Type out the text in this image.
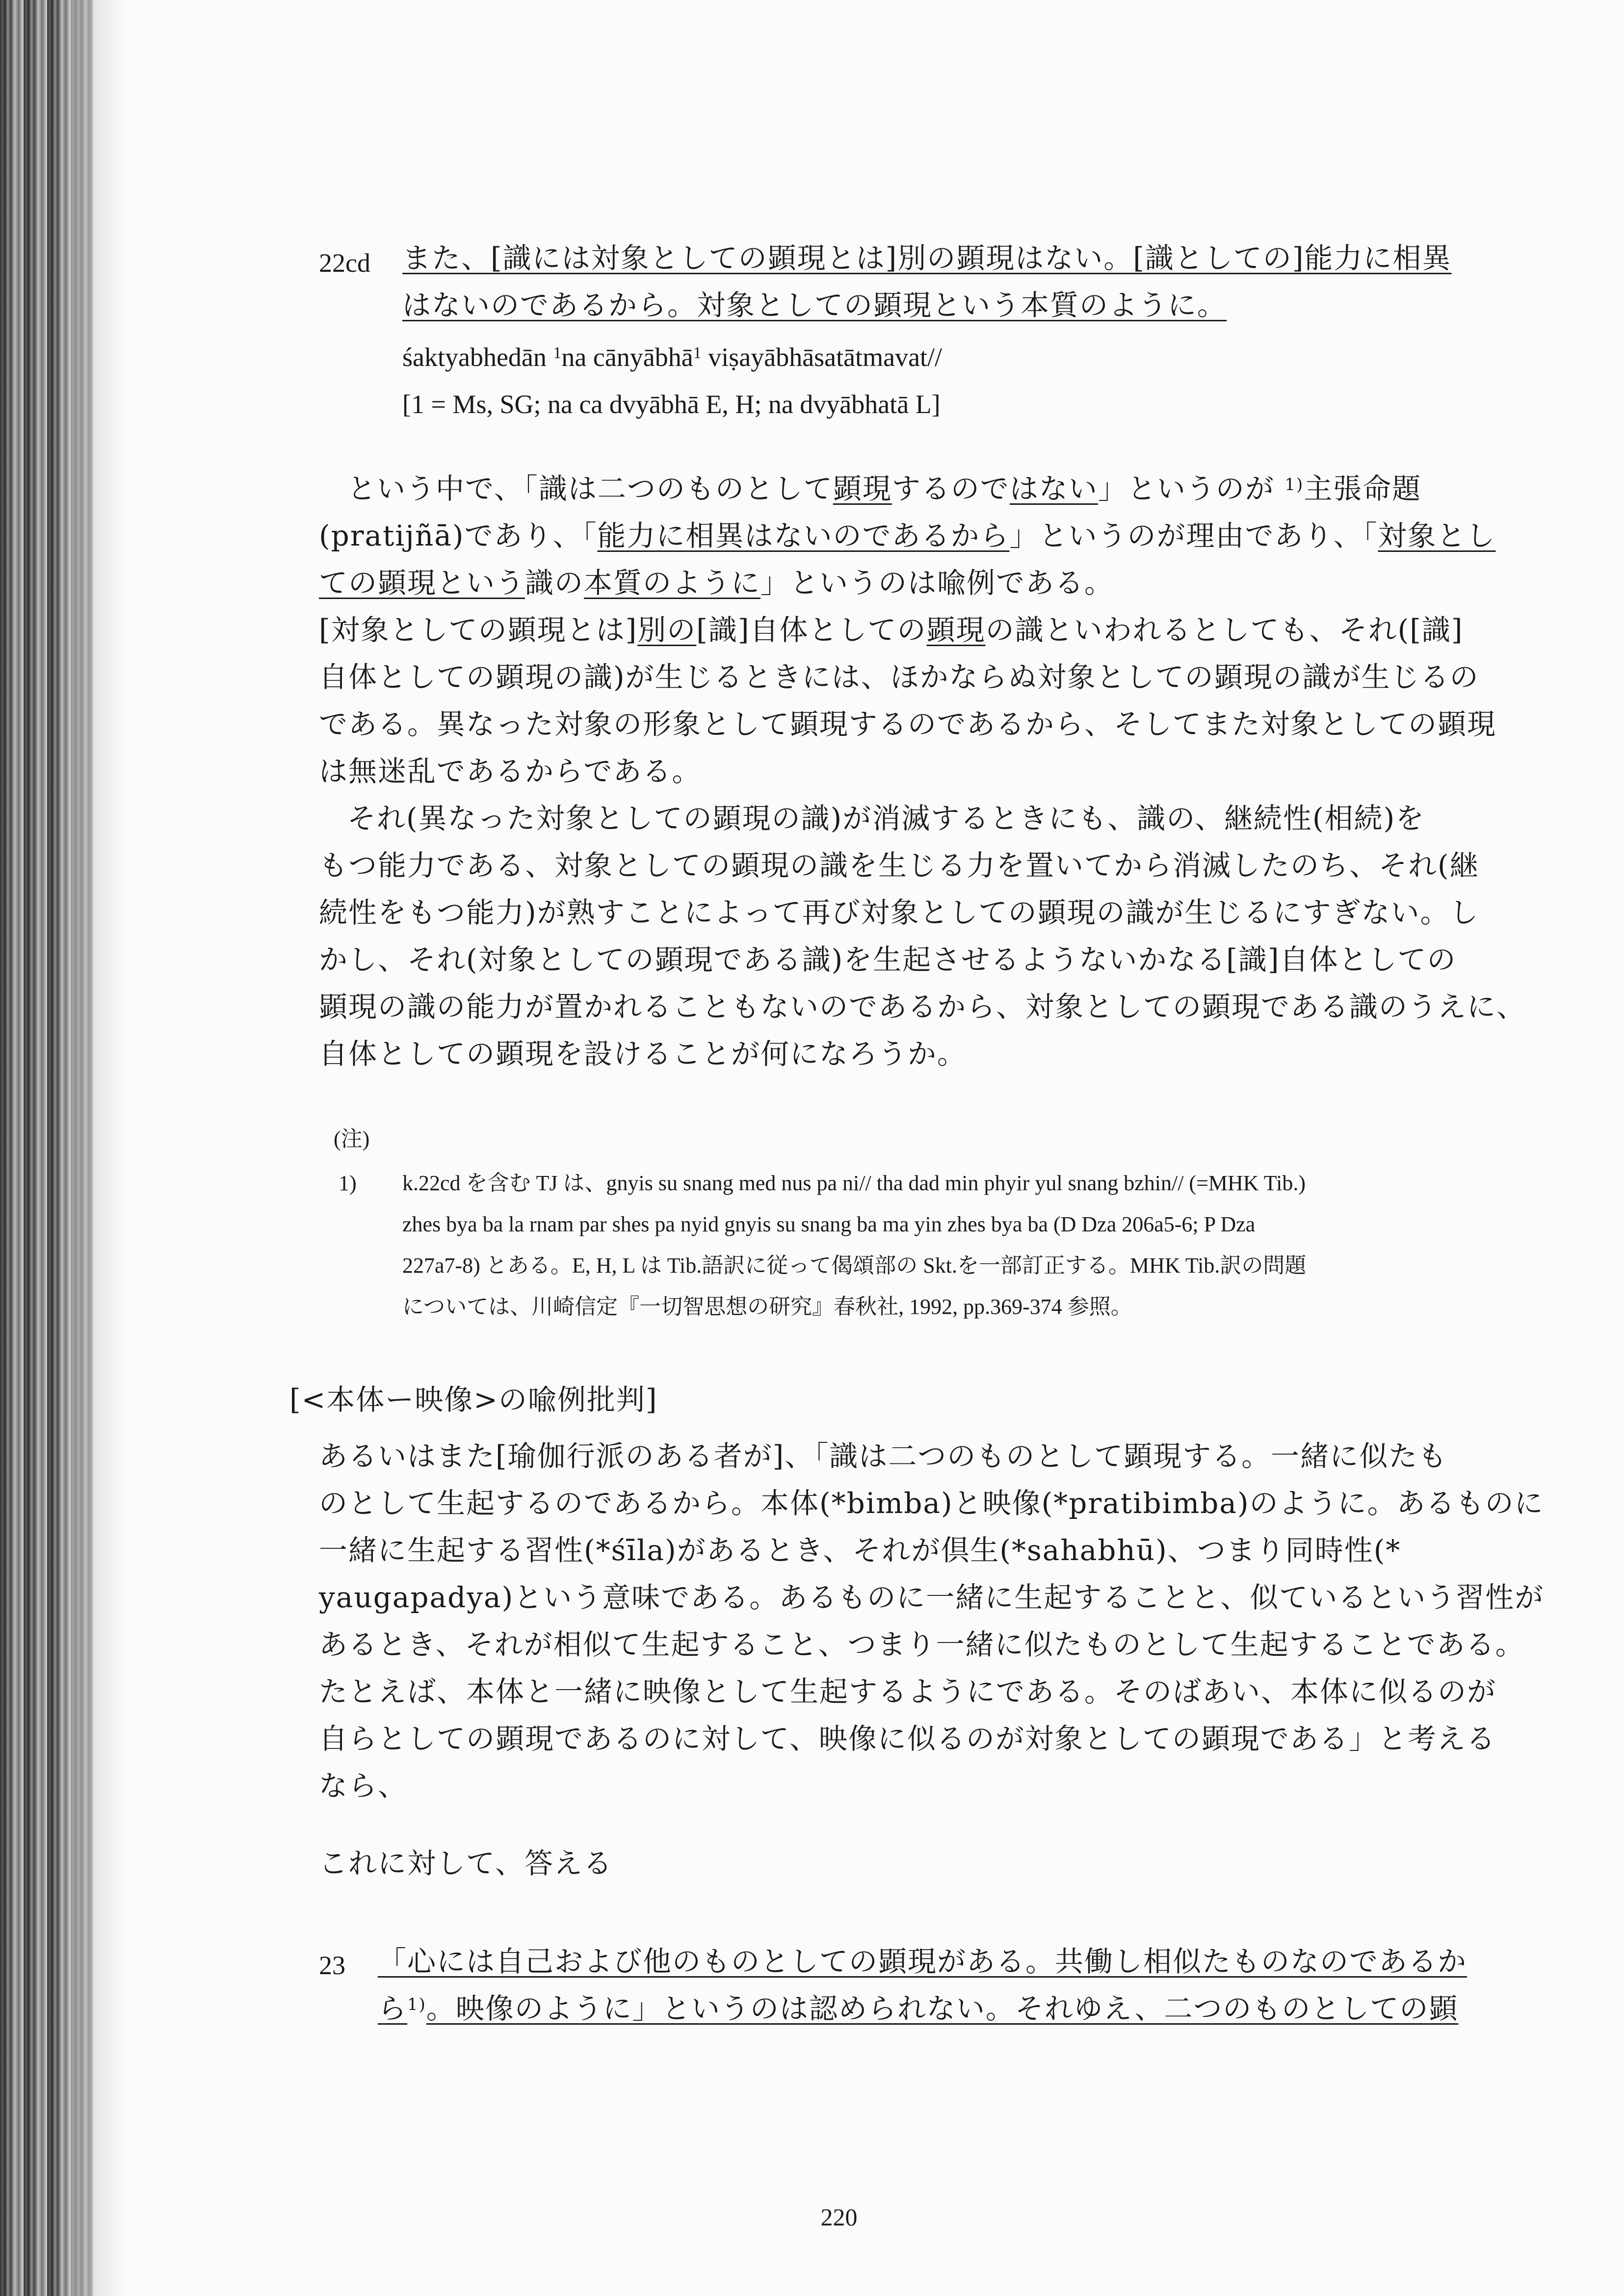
22cd また、[識には対象としての顕現とは]別の顕現はない。[識としての]能力に相異
はないのであるから。対象としての顕現という本質のように。
śaktyabhedān $^1$na cānyābhā$^1$ viṣayābhāsatātmavat//
[1 = Ms, SG; na ca dvyābhā E, H; na dvyābhatā L]
という中で、「識は二つのものとして顕現するのではない」というのが $^{1)}$主張命題
(pratijñā)であり、「能力に相異はないのであるから」というのが理由であり、「対象とし
ての顕現という識の本質のように」というのは喩例である。
[対象としての顕現とは]別の[識]自体としての顕現の識といわれるとしても、それ([識]
自体としての顕現の識)が生じるときには、ほかならぬ対象としての顕現の識が生じるの
である。異なった対象の形象として顕現するのであるから、そしてまた対象としての顕現
は無迷乱であるからである。
それ(異なった対象としての顕現の識)が消滅するときにも、識の、継続性(相続)を
もつ能力である、対象としての顕現の識を生じる力を置いてから消滅したのち、それ(継
続性をもつ能力)が熟すことによって再び対象としての顕現の識が生じるにすぎない。し
かし、それ(対象としての顕現である識)を生起させるようないかなる[識]自体としての
顕現の識の能力が置かれることもないのであるから、対象としての顕現である識のうえに、
自体としての顕現を設けることが何になろうか。
(注)
1) k.22cd を含む TJ は、gnyis su snang med nus pa ni// tha dad min phyir yul snang bzhin// (=MHK Tib.)
zhes bya ba la rnam par shes pa nyid gnyis su snang ba ma yin zhes bya ba (D Dza 206a5-6; P Dza
227a7-8) とある。E, H, L は Tib.語訳に従って偈頌部の Skt.を一部訂正する。MHK Tib.訳の問題
については、川崎信定『一切智思想の研究』春秋社, 1992, pp.369-374 参照。
[<本体ー映像>の喩例批判]
あるいはまた[瑜伽行派のある者が]、「識は二つのものとして顕現する。一緒に似たも
のとして生起するのであるから。本体(*bimba)と映像(*pratibimba)のように。あるものに
一緒に生起する習性(*śīla)があるとき、それが倶生(*sahabhū)、つまり同時性(*
yaugapadya)という意味である。あるものに一緒に生起することと、似ているという習性が
あるとき、それが相似て生起すること、つまり一緒に似たものとして生起することである。
たとえば、本体と一緒に映像として生起するようにである。そのばあい、本体に似るのが
自らとしての顕現であるのに対して、映像に似るのが対象としての顕現である」と考える
なら、
これに対して、答える
23 「心には自己および他のものとしての顕現がある。共働し相似たものなのであるか
ら$^{1)}$。映像のように」というのは認められない。それゆえ、二つのものとしての顕
220
